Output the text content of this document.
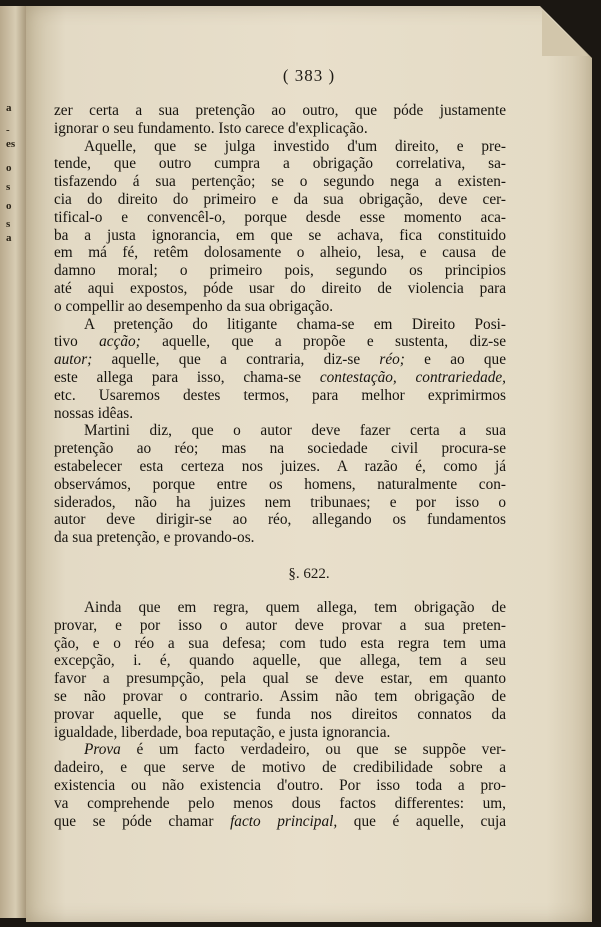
a
-
es
o
s
o
s
a
( 383 )
zer certa a sua pretenção ao outro, que póde justamente
ignorar o seu fundamento. Isto carece d'explicação.
Aquelle, que se julga investido d'um direito, e pre-
tende, que outro cumpra a obrigação correlativa, sa-
tisfazendo á sua pertenção; se o segundo nega a existen-
cia do direito do primeiro e da sua obrigação, deve cer-
tifical-o e convencêl-o, porque desde esse momento aca-
ba a justa ignorancia, em que se achava, fica constituido
em má fé, retêm dolosamente o alheio, lesa, e causa de
damno moral; o primeiro pois, segundo os principios
até aqui expostos, póde usar do direito de violencia para
o compellir ao desempenho da sua obrigação.
A pretenção do litigante chama-se em Direito Posi-
tivo acção; aquelle, que a propõe e sustenta, diz-se
autor; aquelle, que a contraria, diz-se réo; e ao que
este allega para isso, chama-se contestação, contrariedade,
etc. Usaremos destes termos, para melhor exprimirmos
nossas idêas.
Martini diz, que o autor deve fazer certa a sua
pretenção ao réo; mas na sociedade civil procura-se
estabelecer esta certeza nos juizes. A razão é, como já
observámos, porque entre os homens, naturalmente con-
siderados, não ha juizes nem tribunaes; e por isso o
autor deve dirigir-se ao réo, allegando os fundamentos
da sua pretenção, e provando-os.
§. 622.
Ainda que em regra, quem allega, tem obrigação de
provar, e por isso o autor deve provar a sua preten-
ção, e o réo a sua defesa; com tudo esta regra tem uma
excepção, i. é, quando aquelle, que allega, tem a seu
favor a presumpção, pela qual se deve estar, em quanto
se não provar o contrario. Assim não tem obrigação de
provar aquelle, que se funda nos direitos connatos da
igualdade, liberdade, boa reputação, e justa ignorancia.
Prova é um facto verdadeiro, ou que se suppõe ver-
dadeiro, e que serve de motivo de credibilidade sobre a
existencia ou não existencia d'outro. Por isso toda a pro-
va comprehende pelo menos dous factos differentes: um,
que se póde chamar facto principal, que é aquelle, cuja
